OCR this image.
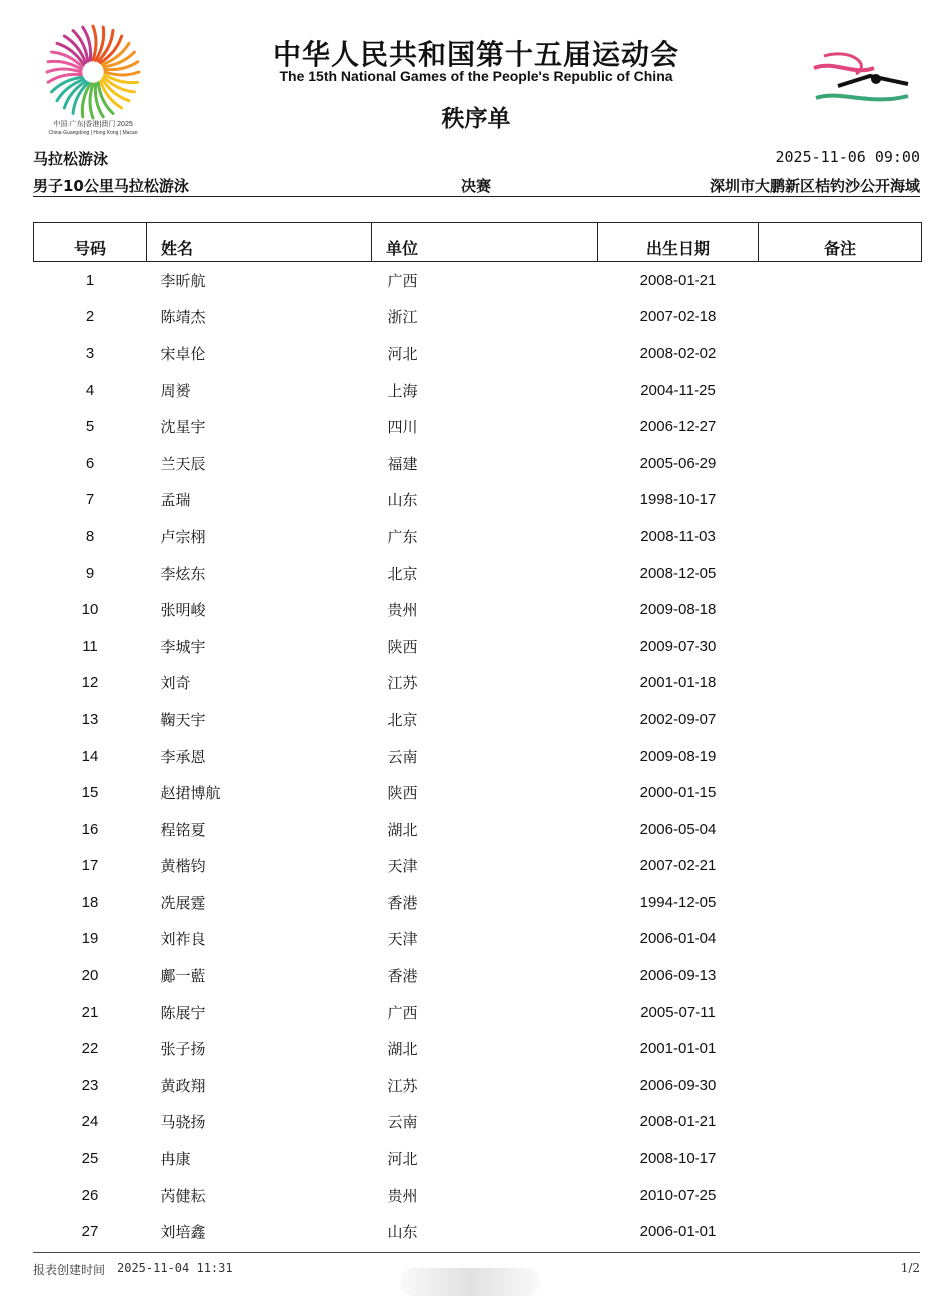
中国·广东|香港|澳门 2025
China·Guangdong | Hong Kong | Macao
中华人民共和国第十五届运动会
The 15th National Games of the People's Republic of China
秩序单
马拉松游泳	2025-11-06 09:00
男子10公里马拉松游泳	决赛	深圳市大鹏新区桔钓沙公开海域
号码	姓名	单位	出生日期	备注
1	李昕航	广西	2008-01-21	
2	陈靖杰	浙江	2007-02-18	
3	宋卓伦	河北	2008-02-02	
4	周赟	上海	2004-11-25	
5	沈星宇	四川	2006-12-27	
6	兰天辰	福建	2005-06-29	
7	孟瑞	山东	1998-10-17	
8	卢宗栩	广东	2008-11-03	
9	李炫东	北京	2008-12-05	
10	张明峻	贵州	2009-08-18	
11	李城宇	陕西	2009-07-30	
12	刘奇	江苏	2001-01-18	
13	鞠天宇	北京	2002-09-07	
14	李承恩	云南	2009-08-19	
15	赵捃博航	陕西	2000-01-15	
16	程铭夏	湖北	2006-05-04	
17	黄楷钧	天津	2007-02-21	
18	冼展霆	香港	1994-12-05	
19	刘祚良	天津	2006-01-04	
20	鄺一藍	香港	2006-09-13	
21	陈展宁	广西	2005-07-11	
22	张子扬	湖北	2001-01-01	
23	黄政翔	江苏	2006-09-30	
24	马骁扬	云南	2008-01-21	
25	冉康	河北	2008-10-17	
26	芮健耘	贵州	2010-07-25	
27	刘培鑫	山东	2006-01-01	
报表创建时间 2025-11-04 11:31	1/2
